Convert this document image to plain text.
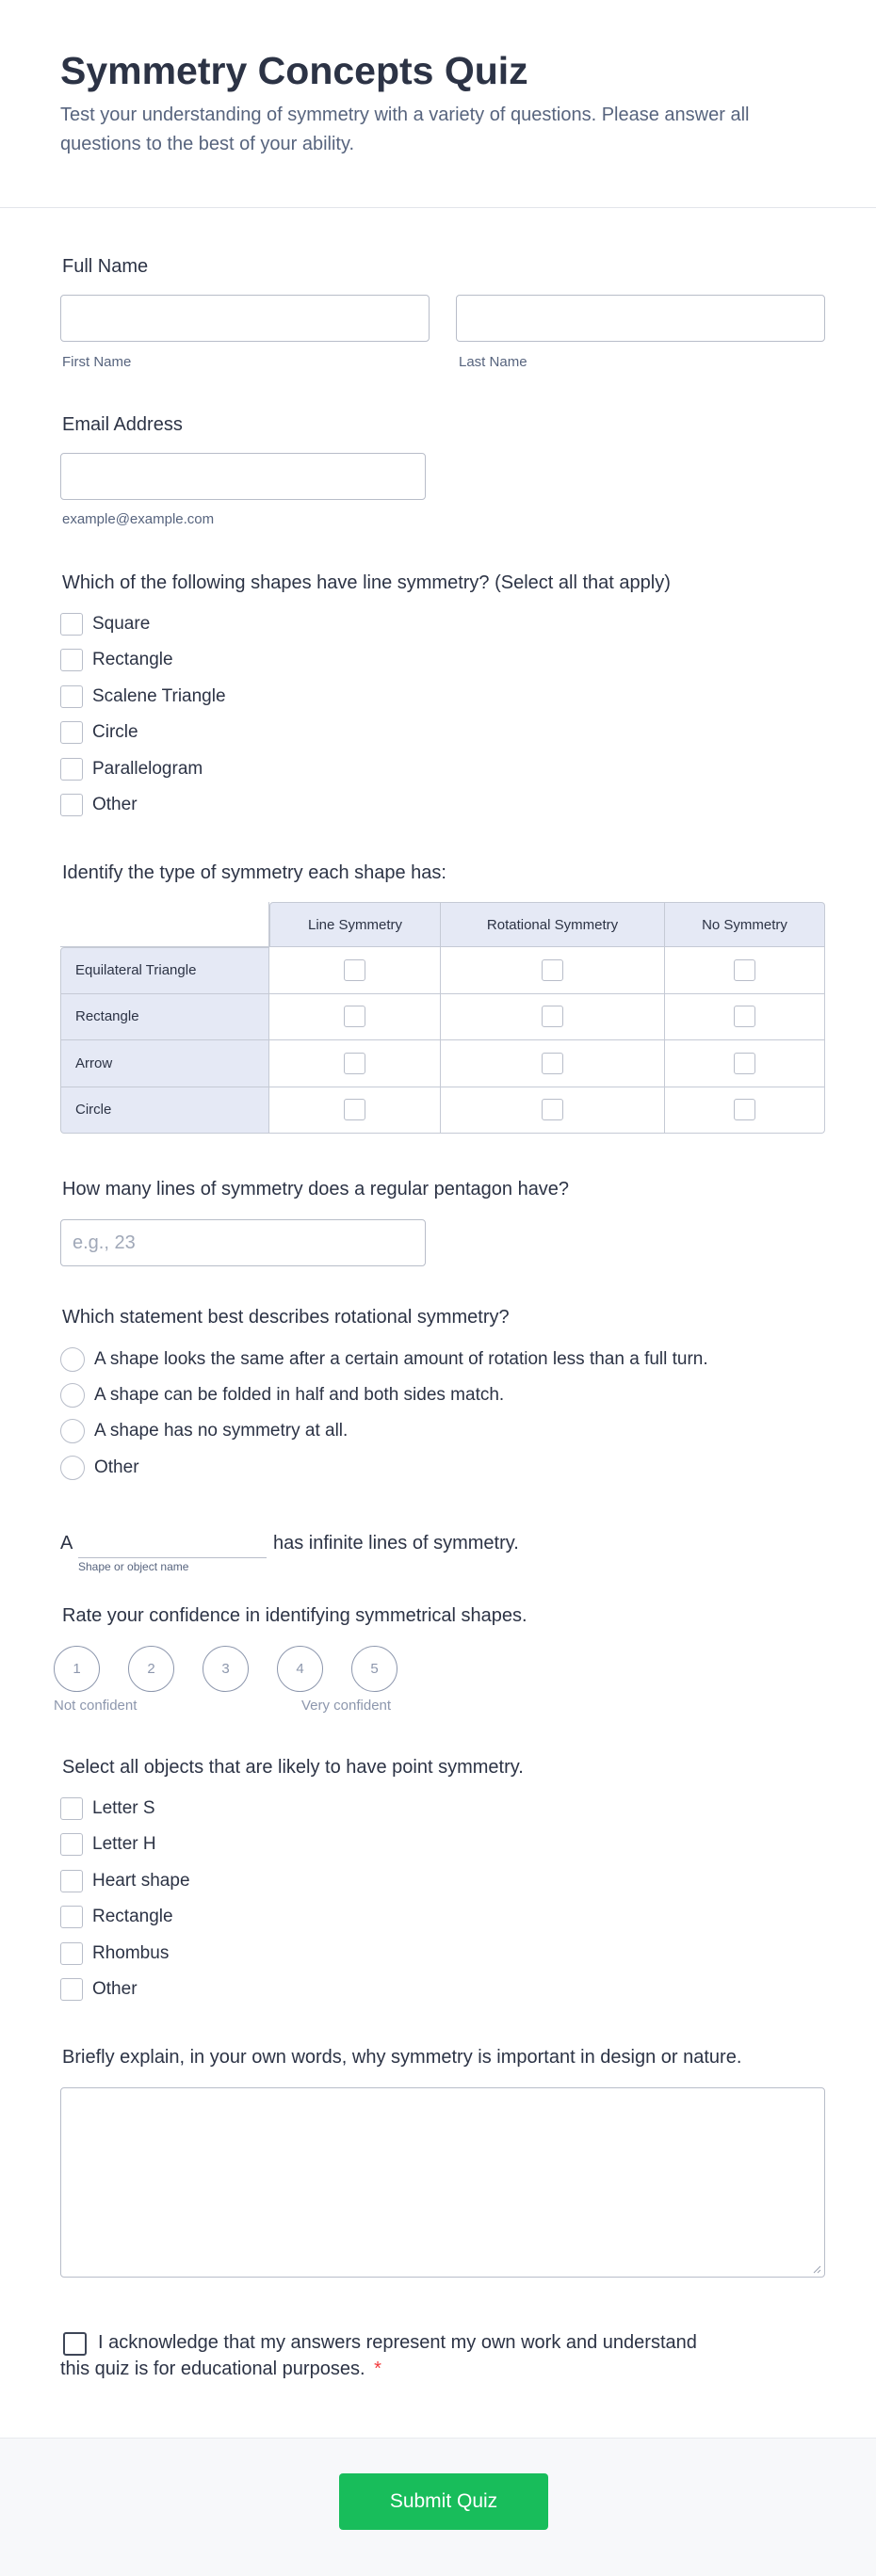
Symmetry Concepts Quiz

Test your understanding of symmetry with a variety of questions. Please answer all questions to the best of your ability.

Full Name
First Name	Last Name
Email Address
example@example.com
Which of the following shapes have line symmetry? (Select all that apply)
Square
Rectangle
Scalene Triangle
Circle
Parallelogram
Other
Identify the type of symmetry each shape has:
	Line Symmetry	Rotational Symmetry	No Symmetry
Equilateral Triangle			
Rectangle			
Arrow			
Circle			
How many lines of symmetry does a regular pentagon have?
e.g., 23
Which statement best describes rotational symmetry?
A shape looks the same after a certain amount of rotation less than a full turn.
A shape can be folded in half and both sides match.
A shape has no symmetry at all.
Other
A	has infinite lines of symmetry.
Shape or object name
Rate your confidence in identifying symmetrical shapes.
1	2	3	4	5
Not confident	Very confident
Select all objects that are likely to have point symmetry.
Letter S
Letter H
Heart shape
Rectangle
Rhombus
Other
Briefly explain, in your own words, why symmetry is important in design or nature.
I acknowledge that my answers represent my own work and understand
this quiz is for educational purposes. *
Submit Quiz
